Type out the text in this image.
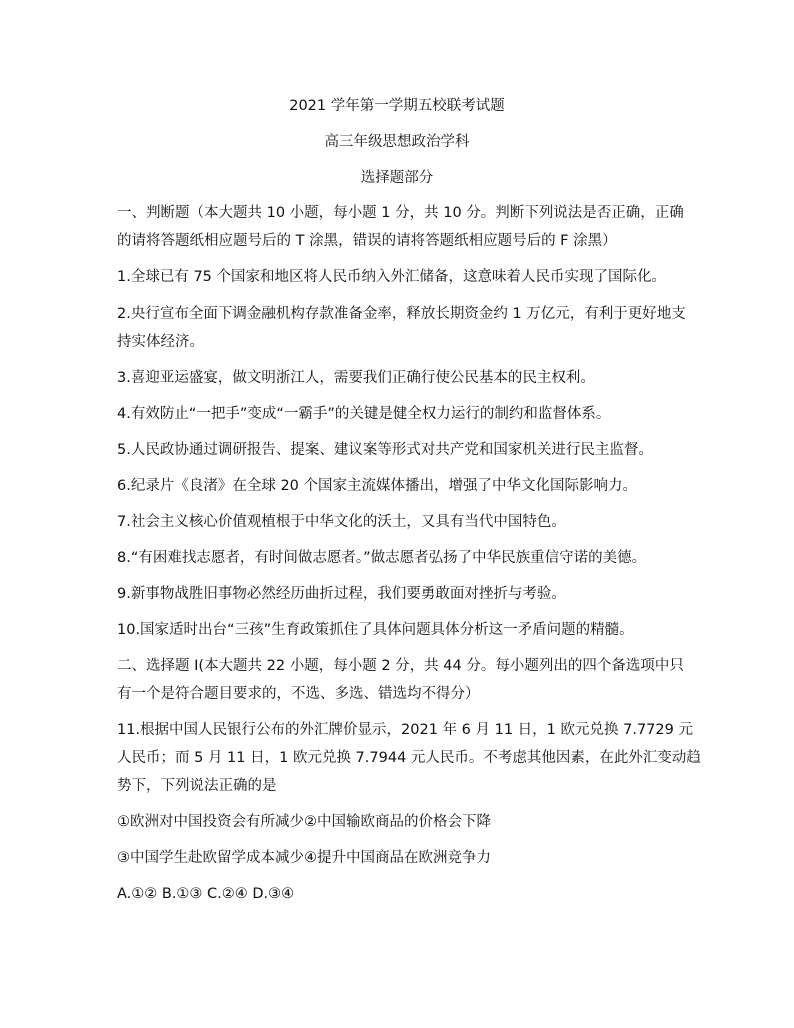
2021 学年第一学期五校联考试题
高三年级思想政治学科
选择题部分
一、判断题（本大题共 10 小题，每小题 1 分，共 10 分。判断下列说法是否正确，正确
的请将答题纸相应题号后的 T 涂黑，错误的请将答题纸相应题号后的 F 涂黑）
1.全球已有 75 个国家和地区将人民币纳入外汇储备，这意味着人民币实现了国际化。
2.央行宣布全面下调金融机构存款准备金率，释放长期资金约 1 万亿元，有利于更好地支
持实体经济。
3.喜迎亚运盛宴，做文明浙江人，需要我们正确行使公民基本的民主权利。
4.有效防止“一把手”变成“一霸手”的关键是健全权力运行的制约和监督体系。
5.人民政协通过调研报告、提案、建议案等形式对共产党和国家机关进行民主监督。
6.纪录片《良渚》在全球 20 个国家主流媒体播出，增强了中华文化国际影响力。
7.社会主义核心价值观植根于中华文化的沃土，又具有当代中国特色。
8.“有困难找志愿者，有时间做志愿者。”做志愿者弘扬了中华民族重信守诺的美德。
9.新事物战胜旧事物必然经历曲折过程，我们要勇敢面对挫折与考验。
10.国家适时出台“三孩”生育政策抓住了具体问题具体分析这一矛盾问题的精髓。
二、选择题 I(本大题共 22 小题，每小题 2 分，共 44 分。每小题列出的四个备选项中只
有一个是符合题目要求的，不选、多选、错选均不得分）
11.根据中国人民银行公布的外汇牌价显示，2021 年 6 月 11 日，1 欧元兑换 7.7729 元
人民币；而 5 月 11 日，1 欧元兑换 7.7944 元人民币。不考虑其他因素，在此外汇变动趋
势下，下列说法正确的是
①欧洲对中国投资会有所减少②中国输欧商品的价格会下降
③中国学生赴欧留学成本减少④提升中国商品在欧洲竞争力
A.①② B.①③ C.②④ D.③④
